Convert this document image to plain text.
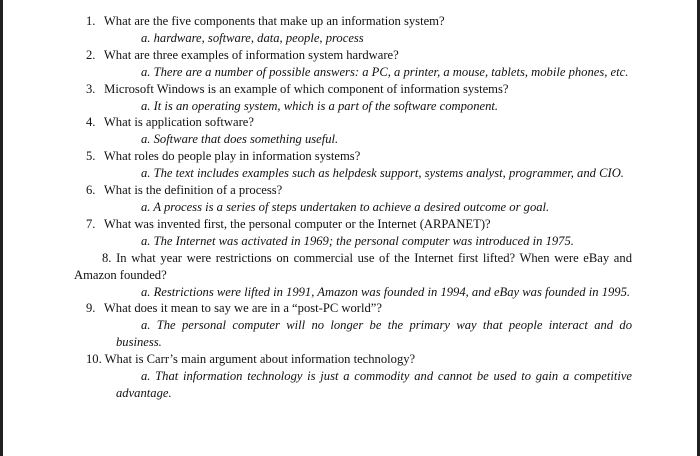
1. What are the five components that make up an information system?
a. hardware, software, data, people, process
2. What are three examples of information system hardware?
a. There are a number of possible answers: a PC, a printer, a mouse, tablets, mobile phones, etc.
3. Microsoft Windows is an example of which component of information systems?
a. It is an operating system, which is a part of the software component.
4. What is application software?
a. Software that does something useful.
5. What roles do people play in information systems?
a. The text includes examples such as helpdesk support, systems analyst, programmer, and CIO.
6. What is the definition of a process?
a. A process is a series of steps undertaken to achieve a desired outcome or goal.
7. What was invented first, the personal computer or the Internet (ARPANET)?
a. The Internet was activated in 1969; the personal computer was introduced in 1975.
8. In what year were restrictions on commercial use of the Internet first lifted? When were eBay and Amazon founded?
a. Restrictions were lifted in 1991, Amazon was founded in 1994, and eBay was founded in 1995.
9. What does it mean to say we are in a “post-PC world”?
a. The personal computer will no longer be the primary way that people interact and do business.
10. What is Carr’s main argument about information technology?
a. That information technology is just a commodity and cannot be used to gain a competitive advantage.
